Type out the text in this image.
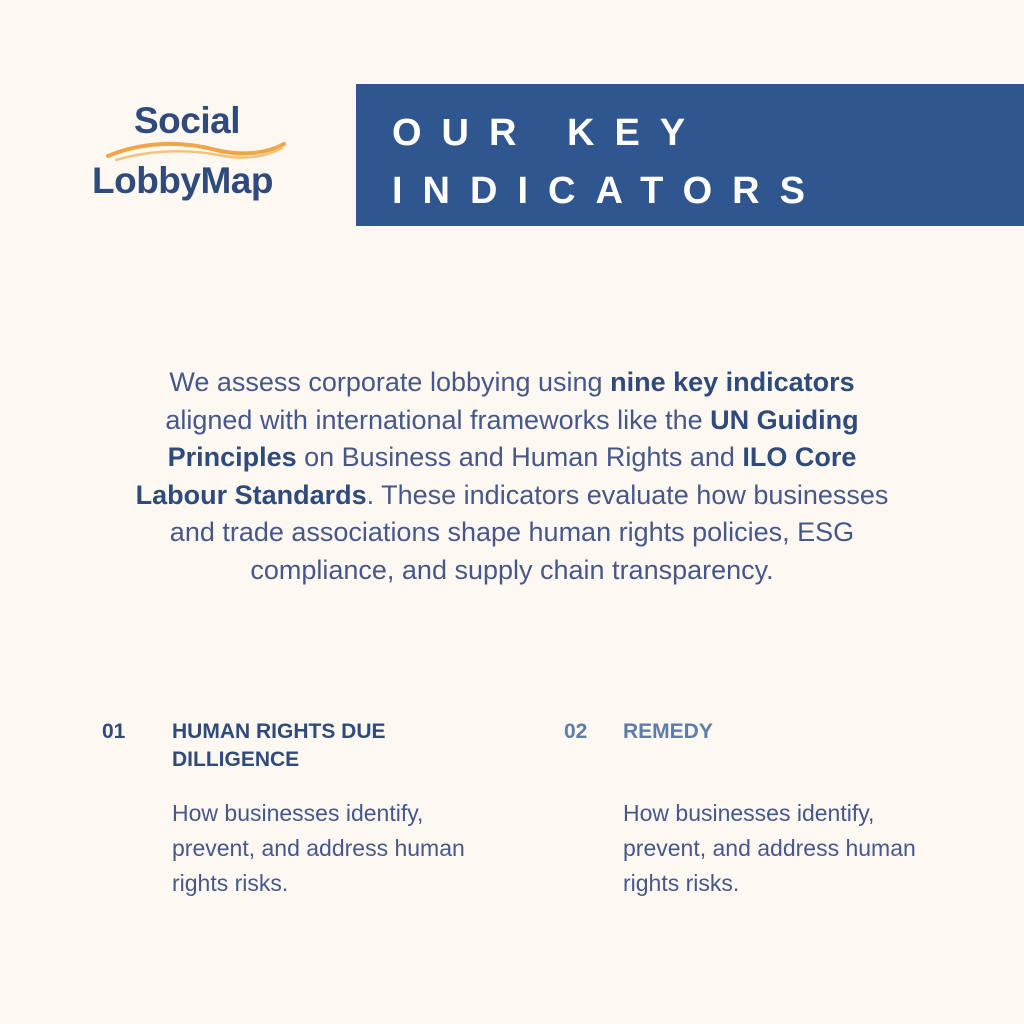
Social
LobbyMap
OUR KEY INDICATORS

We assess corporate lobbying using nine key indicators aligned with international frameworks like the UN Guiding Principles on Business and Human Rights and ILO Core Labour Standards. These indicators evaluate how businesses and trade associations shape human rights policies, ESG compliance, and supply chain transparency.

01 HUMAN RIGHTS DUE DILLIGENCE
How businesses identify, prevent, and address human rights risks.
02 REMEDY
How businesses identify, prevent, and address human rights risks.
